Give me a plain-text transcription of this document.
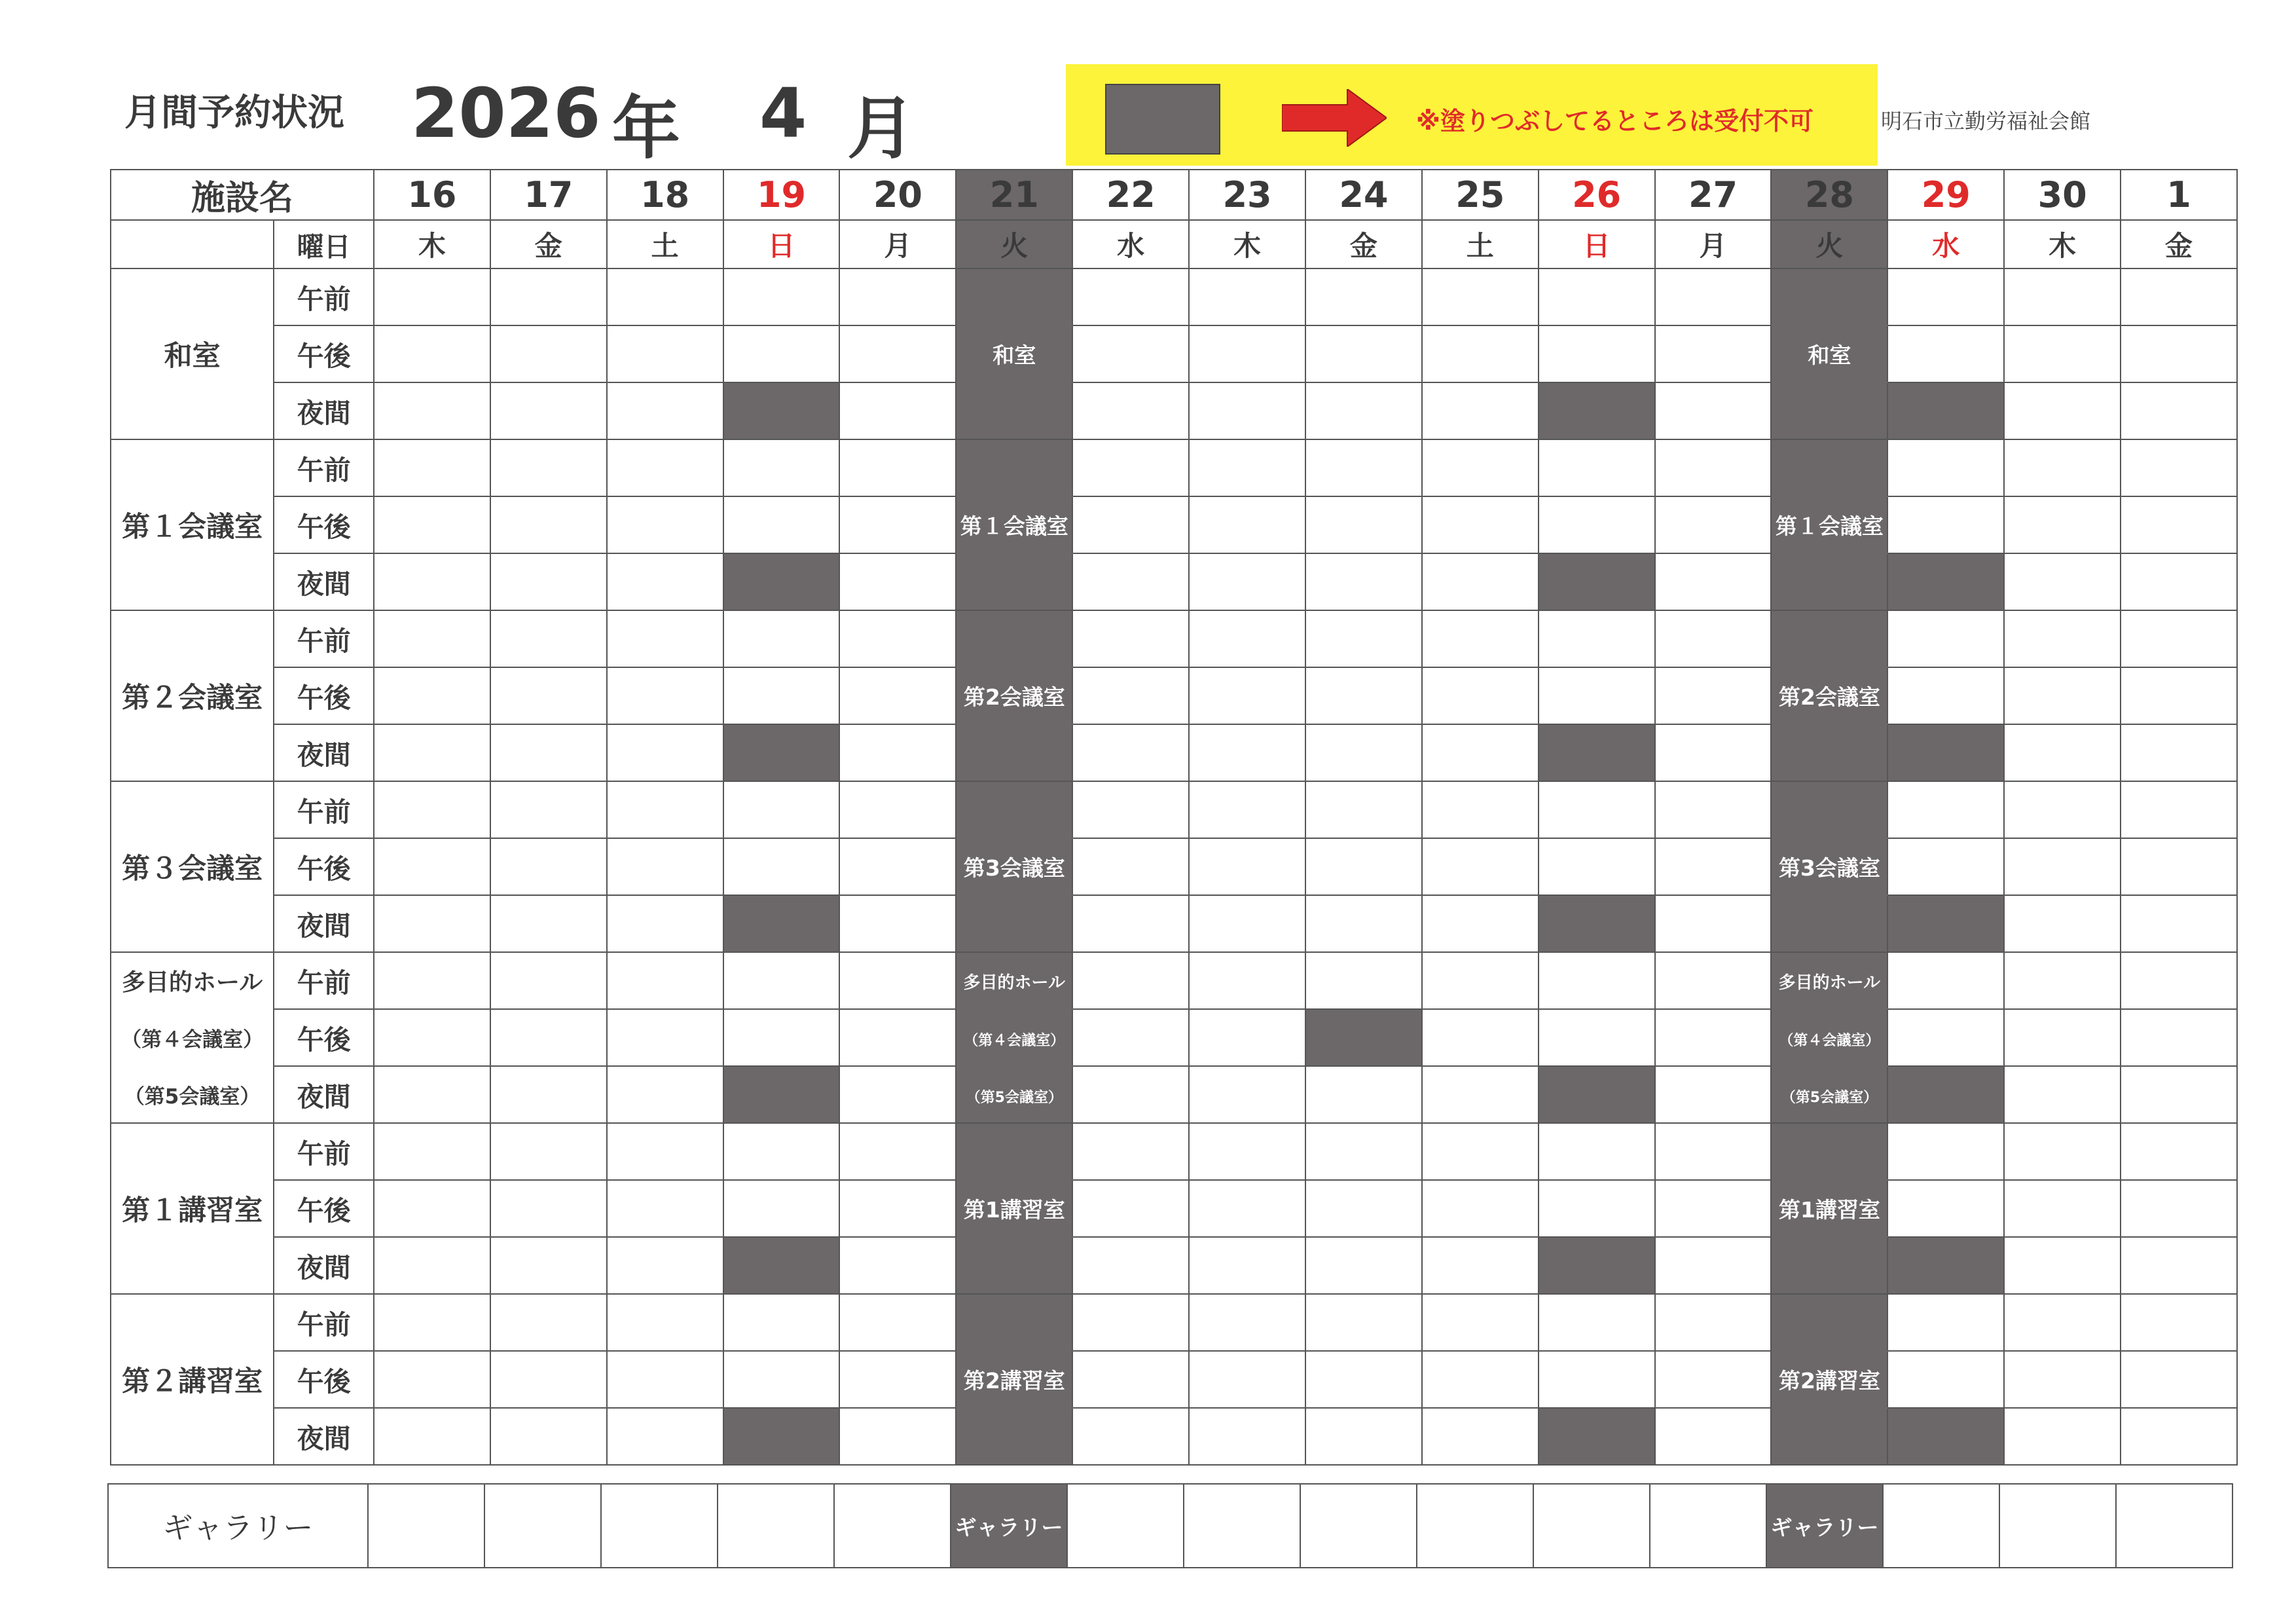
月間予約状況 2026 年 4 月	※塗りつぶしてるところは受付不可	明石市立勤労福祉会館
施設名		16	17	18	19	20	21	22	23	24	25	26	27	28	29	30	1
	曜日	木	金	土	日	月	火	水	木	金	土	日	月	火	水	木	金
和室	午前																
	午後						和室							和室			
	夜間																
第１会議室	午前																
	午後						第１会議室							第１会議室			
	夜間																
第２会議室	午前																
	午後						第2会議室							第2会議室			
	夜間																
第３会議室	午前																
	午後						第3会議室							第3会議室			
	夜間																
多目的ホール	午前						多目的ホール							多目的ホール			
（第４会議室）	午後						（第４会議室）							（第４会議室）			
（第5会議室）	夜間						（第5会議室）							（第5会議室）			
第１講習室	午前																
	午後						第1講習室							第1講習室			
	夜間																
第２講習室	午前																
	午後						第2講習室							第2講習室			
	夜間																
ギャラリー						ギャラリー							ギャラリー			
